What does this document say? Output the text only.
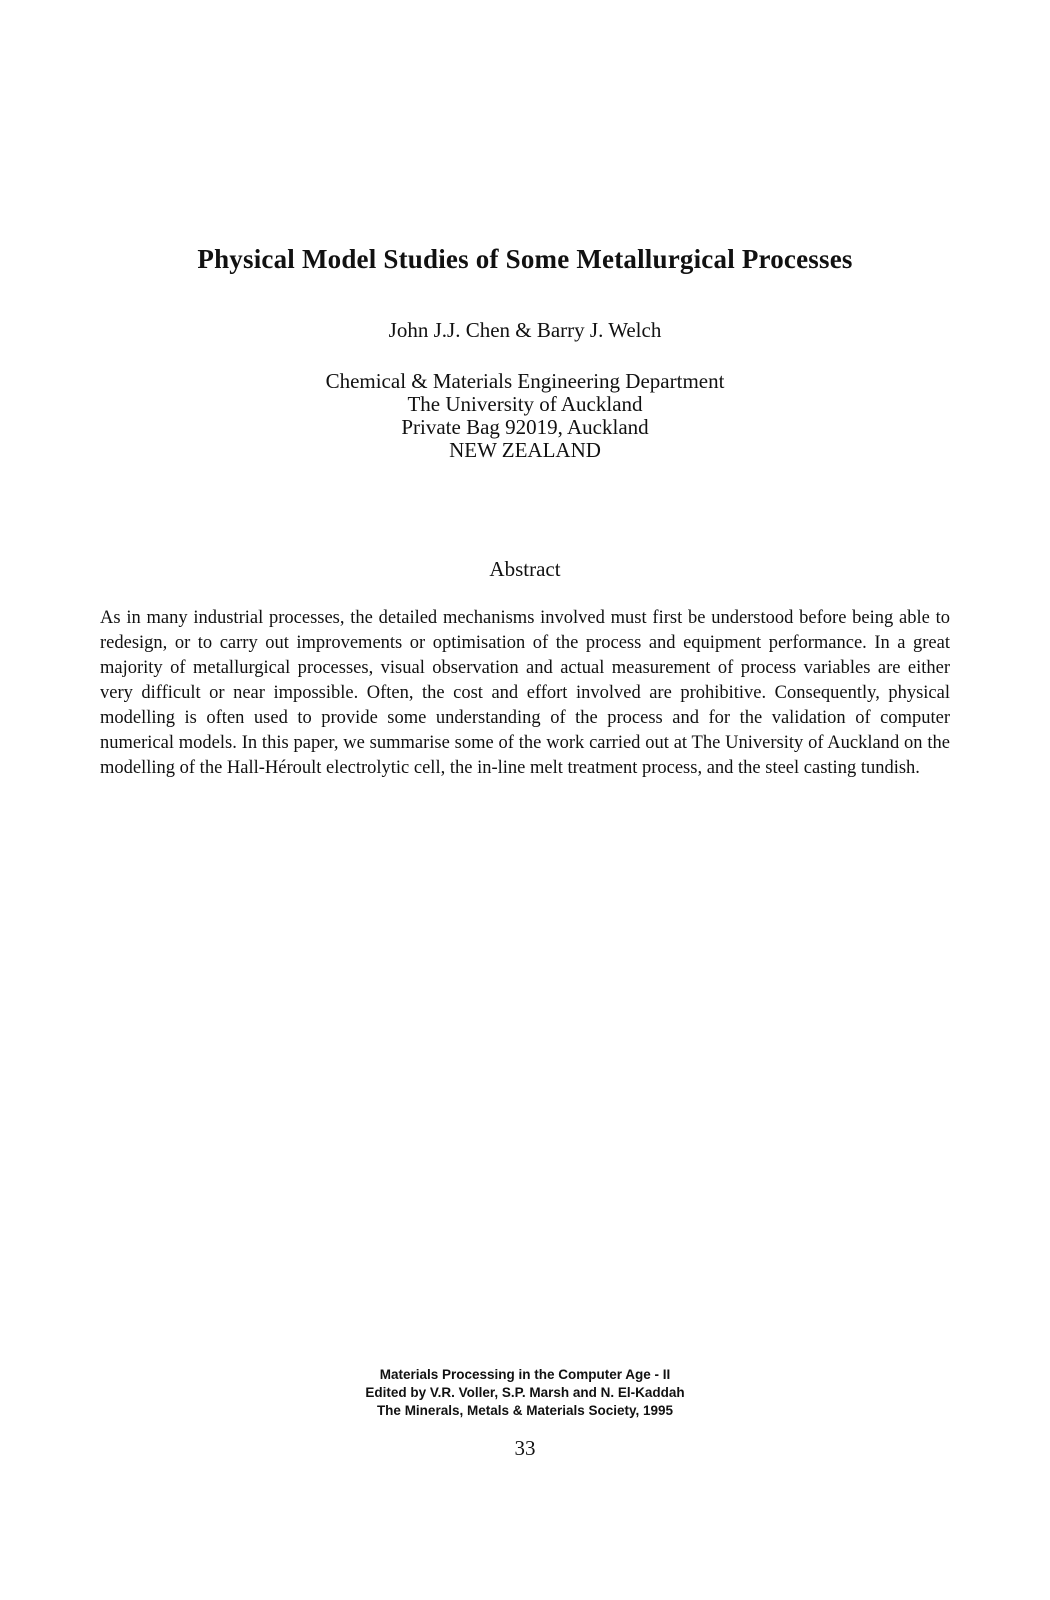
Physical Model Studies of Some Metallurgical Processes
John J.J. Chen & Barry J. Welch
Chemical & Materials Engineering Department
The University of Auckland
Private Bag 92019, Auckland
NEW ZEALAND
Abstract

As in many industrial processes, the detailed mechanisms involved must first be understood before being able to redesign, or to carry out improvements or optimisation of the process and equipment performance. In a great majority of metallurgical processes, visual observation and actual measurement of process variables are either very difficult or near impossible. Often, the cost and effort involved are prohibitive. Consequently, physical modelling is often used to provide some understanding of the process and for the validation of computer numerical models. In this paper, we summarise some of the work carried out at The University of Auckland on the modelling of the Hall-Héroult electrolytic cell, the in-line melt treatment process, and the steel casting tundish.

Materials Processing in the Computer Age - II
Edited by V.R. Voller, S.P. Marsh and N. El-Kaddah
The Minerals, Metals & Materials Society, 1995
33
